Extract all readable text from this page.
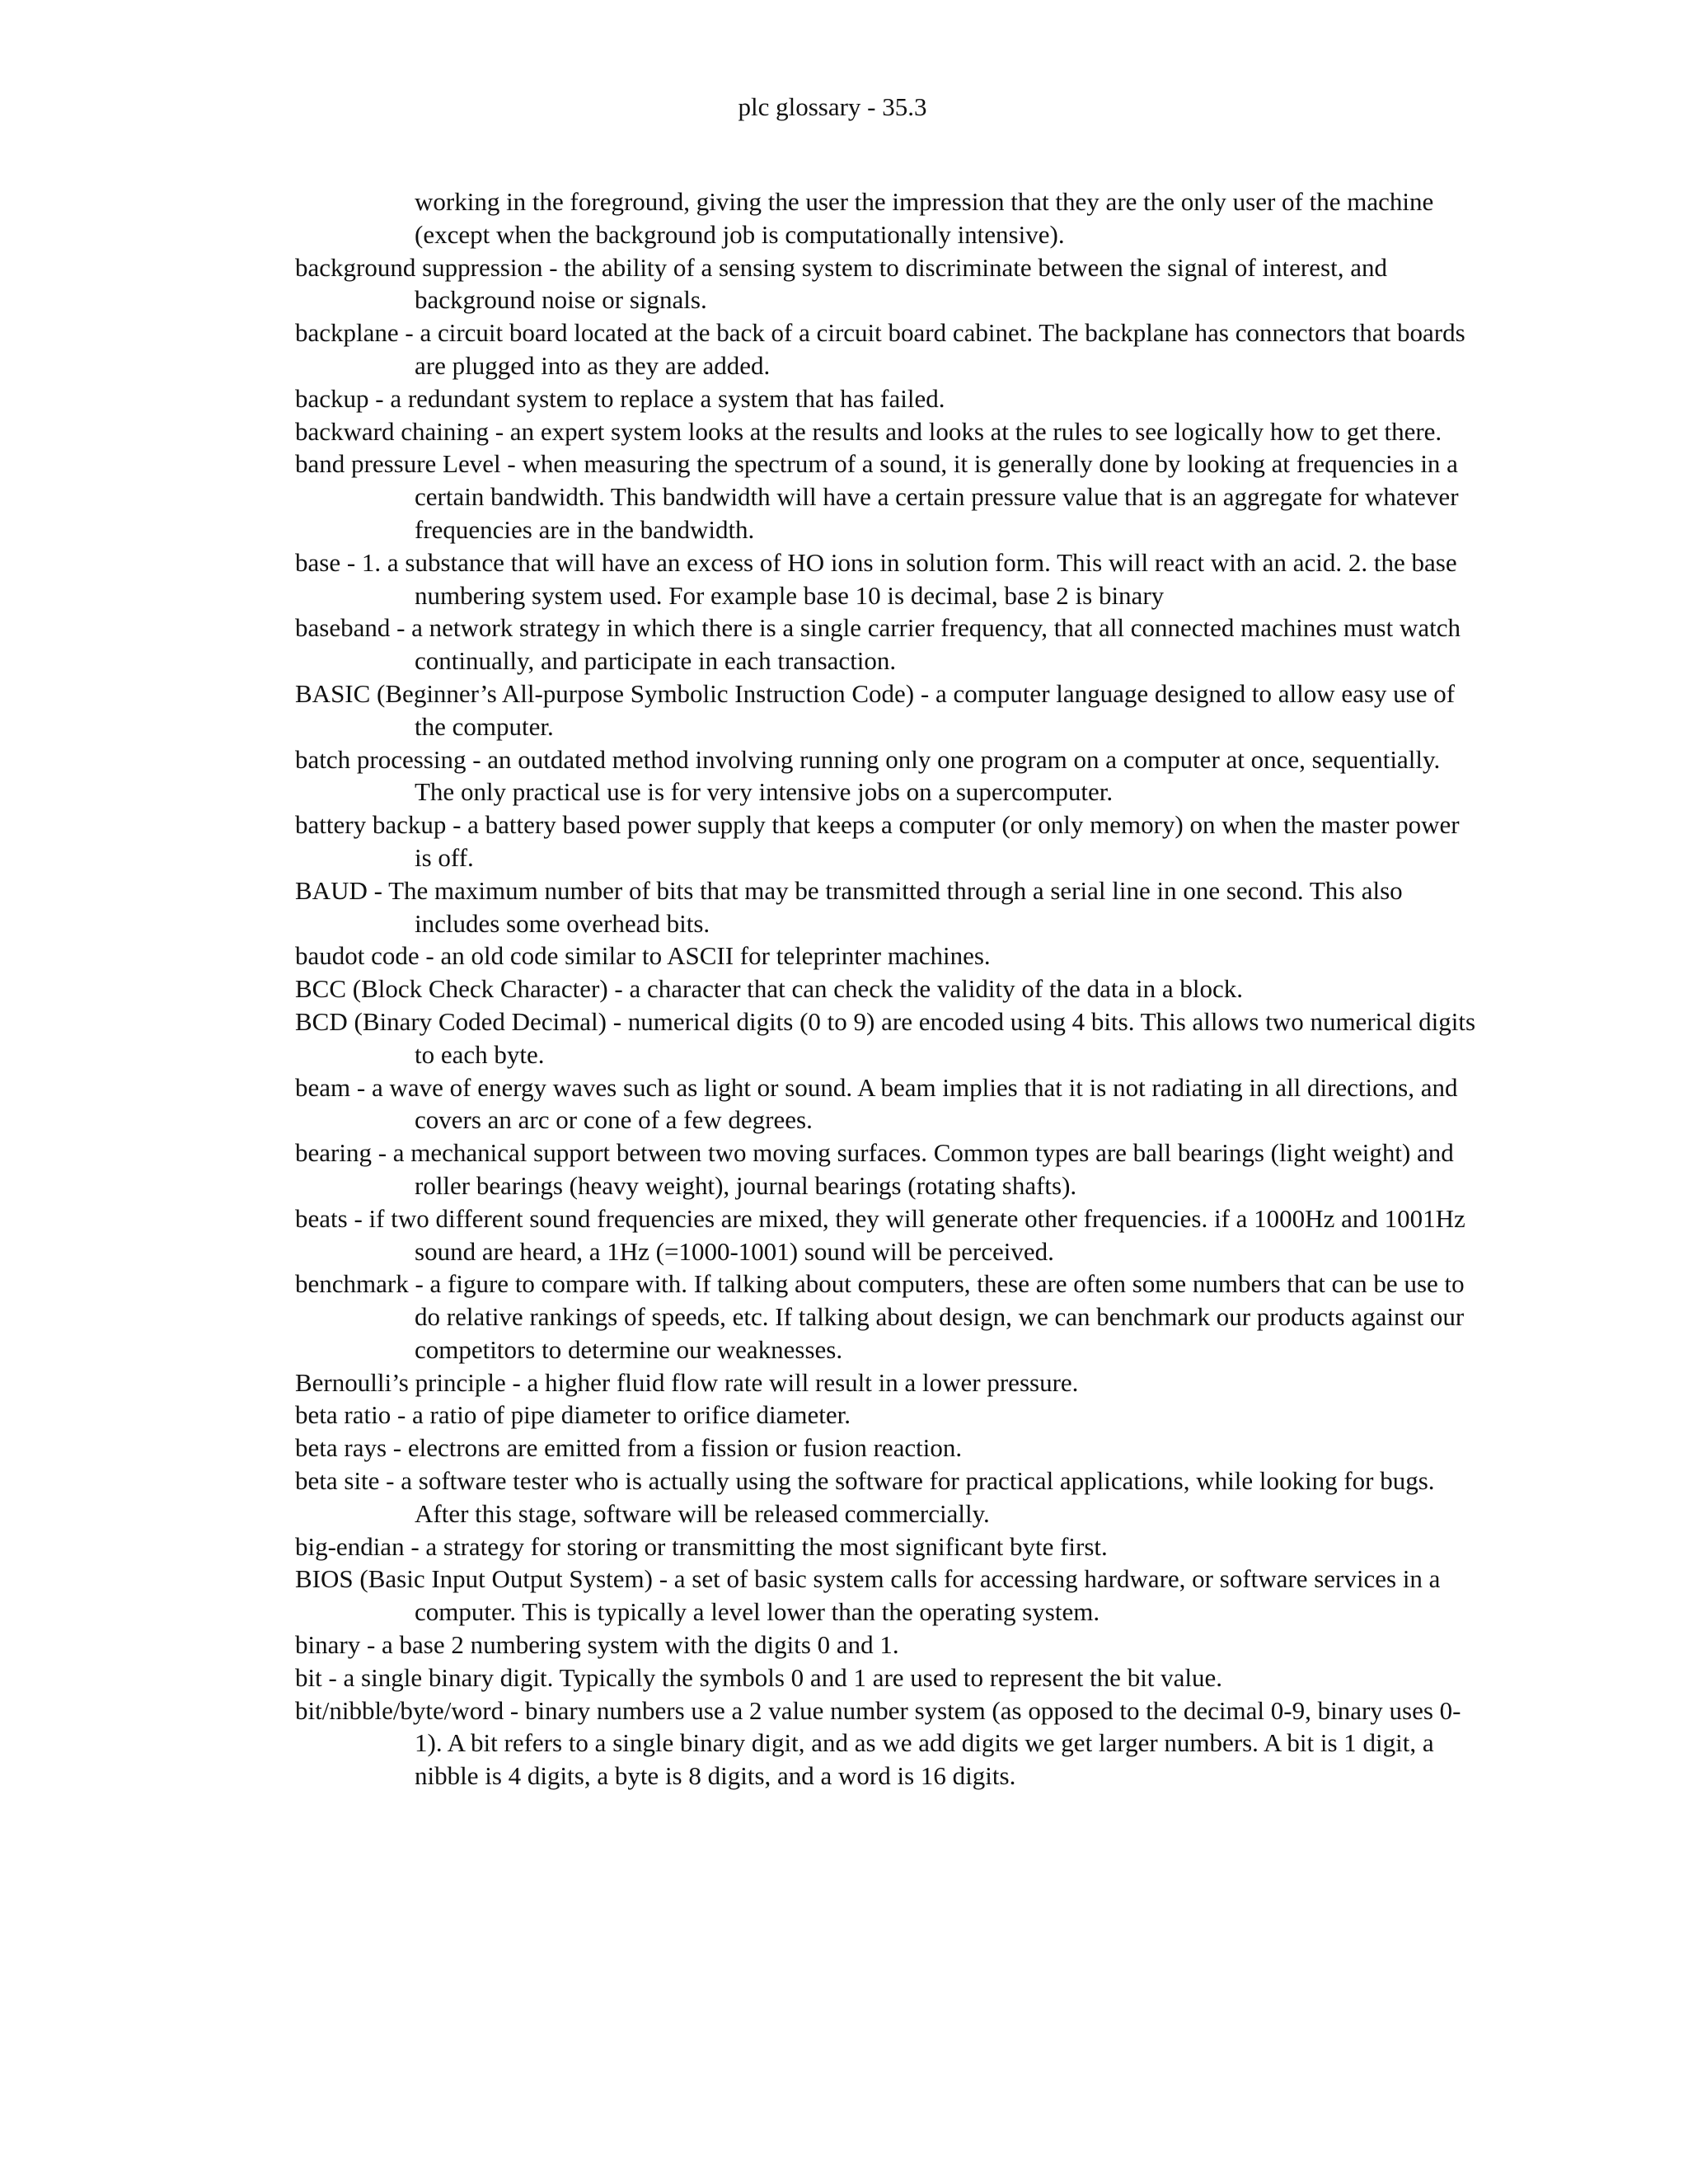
plc glossary - 35.3
working in the foreground, giving the user the impression that they are the only user of the machine (except when the background job is computationally intensive).
background suppression - the ability of a sensing system to discriminate between the signal of interest, and background noise or signals.
backplane - a circuit board located at the back of a circuit board cabinet. The backplane has connectors that boards are plugged into as they are added.
backup - a redundant system to replace a system that has failed.
backward chaining - an expert system looks at the results and looks at the rules to see logically how to get there.
band pressure Level - when measuring the spectrum of a sound, it is generally done by looking at frequencies in a certain bandwidth. This bandwidth will have a certain pressure value that is an aggregate for whatever frequencies are in the bandwidth.
base - 1. a substance that will have an excess of HO ions in solution form. This will react with an acid. 2. the base numbering system used. For example base 10 is decimal, base 2 is binary
baseband - a network strategy in which there is a single carrier frequency, that all connected machines must watch continually, and participate in each transaction.
BASIC (Beginner’s All-purpose Symbolic Instruction Code) - a computer language designed to allow easy use of the computer.
batch processing - an outdated method involving running only one program on a computer at once, sequentially. The only practical use is for very intensive jobs on a supercomputer.
battery backup - a battery based power supply that keeps a computer (or only memory) on when the master power is off.
BAUD - The maximum number of bits that may be transmitted through a serial line in one second. This also includes some overhead bits.
baudot code - an old code similar to ASCII for teleprinter machines.
BCC (Block Check Character) - a character that can check the validity of the data in a block.
BCD (Binary Coded Decimal) - numerical digits (0 to 9) are encoded using 4 bits. This allows two numerical digits to each byte.
beam - a wave of energy waves such as light or sound. A beam implies that it is not radiating in all directions, and covers an arc or cone of a few degrees.
bearing - a mechanical support between two moving surfaces. Common types are ball bearings (light weight) and roller bearings (heavy weight), journal bearings (rotating shafts).
beats - if two different sound frequencies are mixed, they will generate other frequencies. if a 1000Hz and 1001Hz sound are heard, a 1Hz (=1000-1001) sound will be perceived.
benchmark - a figure to compare with. If talking about computers, these are often some numbers that can be use to do relative rankings of speeds, etc. If talking about design, we can benchmark our products against our competitors to determine our weaknesses.
Bernoulli’s principle - a higher fluid flow rate will result in a lower pressure.
beta ratio - a ratio of pipe diameter to orifice diameter.
beta rays - electrons are emitted from a fission or fusion reaction.
beta site - a software tester who is actually using the software for practical applications, while looking for bugs. After this stage, software will be released commercially.
big-endian - a strategy for storing or transmitting the most significant byte first.
BIOS (Basic Input Output System) - a set of basic system calls for accessing hardware, or software services in a computer. This is typically a level lower than the operating system.
binary - a base 2 numbering system with the digits 0 and 1.
bit - a single binary digit. Typically the symbols 0 and 1 are used to represent the bit value.
bit/nibble/byte/word - binary numbers use a 2 value number system (as opposed to the decimal 0-9, binary uses 0-1). A bit refers to a single binary digit, and as we add digits we get larger numbers. A bit is 1 digit, a nibble is 4 digits, a byte is 8 digits, and a word is 16 digits.
